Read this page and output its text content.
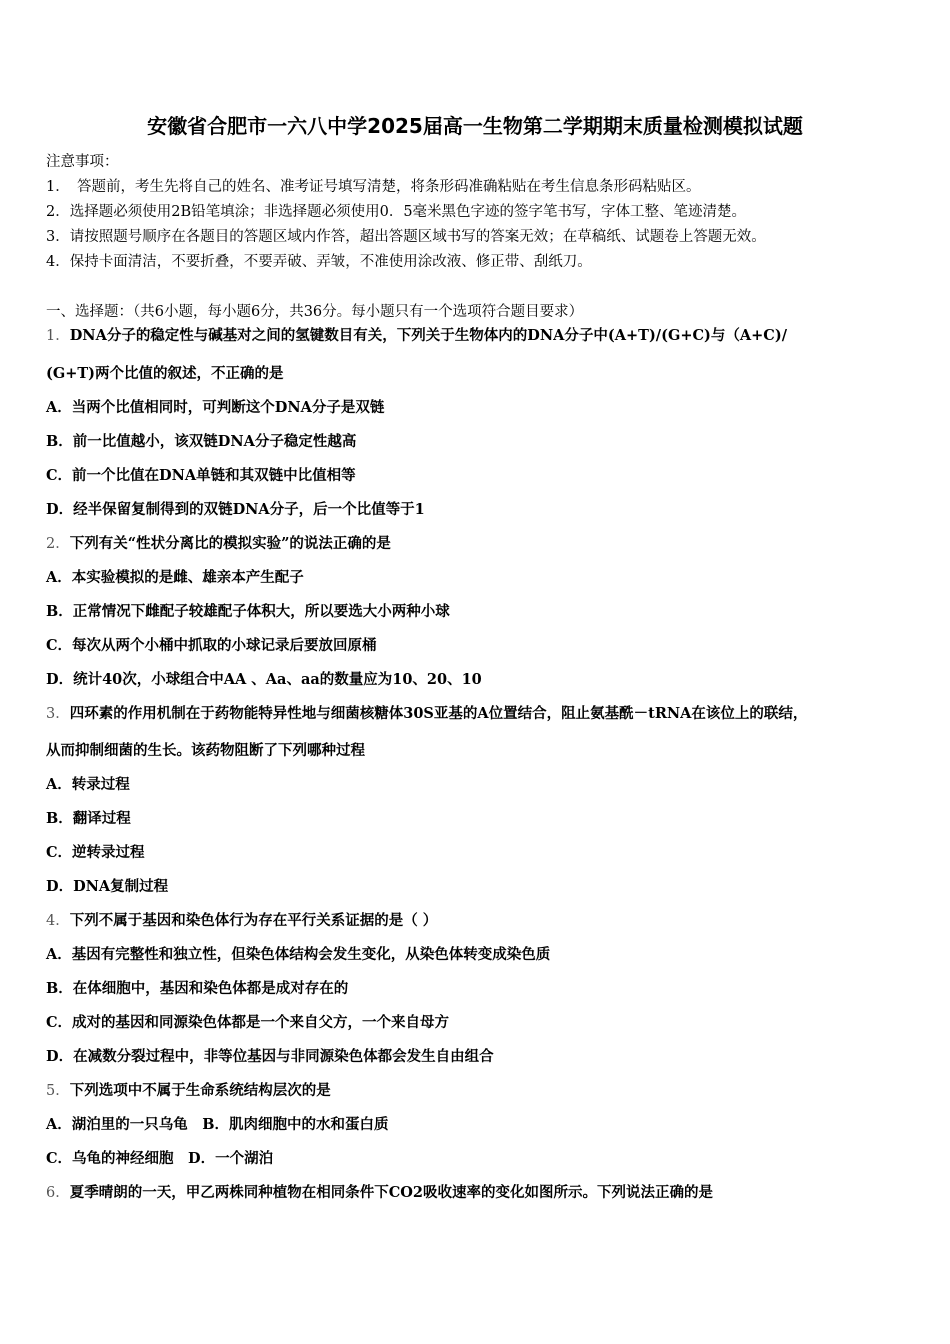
安徽省合肥市一六八中学2025届高一生物第二学期期末质量检测模拟试题
注意事项：
1．　答题前，考生先将自己的姓名、准考证号填写清楚，将条形码准确粘贴在考生信息条形码粘贴区。
2．选择题必须使用2B铅笔填涂；非选择题必须使用0．5毫米黑色字迹的签字笔书写，字体工整、笔迹清楚。
3．请按照题号顺序在各题目的答题区域内作答，超出答题区域书写的答案无效；在草稿纸、试题卷上答题无效。
4．保持卡面清洁，不要折叠，不要弄破、弄皱，不准使用涂改液、修正带、刮纸刀。
一、选择题：（共6小题，每小题6分，共36分。每小题只有一个选项符合题目要求）
1．DNA分子的稳定性与碱基对之间的氢键数目有关，下列关于生物体内的DNA分子中(A+T)/(G+C)与（A+C)/
(G+T)两个比值的叙述，不正确的是
A．当两个比值相同时，可判断这个DNA分子是双链
B．前一比值越小，该双链DNA分子稳定性越高
C．前一个比值在DNA单链和其双链中比值相等
D．经半保留复制得到的双链DNA分子，后一个比值等于1
2．下列有关“性状分离比的模拟实验”的说法正确的是
A．本实验模拟的是雌、雄亲本产生配子
B．正常情况下雌配子较雄配子体积大，所以要选大小两种小球
C．每次从两个小桶中抓取的小球记录后要放回原桶
D．统计40次，小球组合中AA 、Aa、aa的数量应为10、20、10
3．四环素的作用机制在于药物能特异性地与细菌核糖体30S亚基的A位置结合，阻止氨基酰－tRNA在该位上的联结，
从而抑制细菌的生长。该药物阻断了下列哪种过程
A．转录过程
B．翻译过程
C．逆转录过程
D．DNA复制过程
4．下列不属于基因和染色体行为存在平行关系证据的是（ ）
A．基因有完整性和独立性，但染色体结构会发生变化，从染色体转变成染色质
B．在体细胞中，基因和染色体都是成对存在的
C．成对的基因和同源染色体都是一个来自父方，一个来自母方
D．在减数分裂过程中，非等位基因与非同源染色体都会发生自由组合
5．下列选项中不属于生命系统结构层次的是
A．湖泊里的一只乌龟　B．肌肉细胞中的水和蛋白质
C．乌龟的神经细胞　D．一个湖泊
6．夏季晴朗的一天，甲乙两株同种植物在相同条件下CO2吸收速率的变化如图所示。下列说法正确的是
